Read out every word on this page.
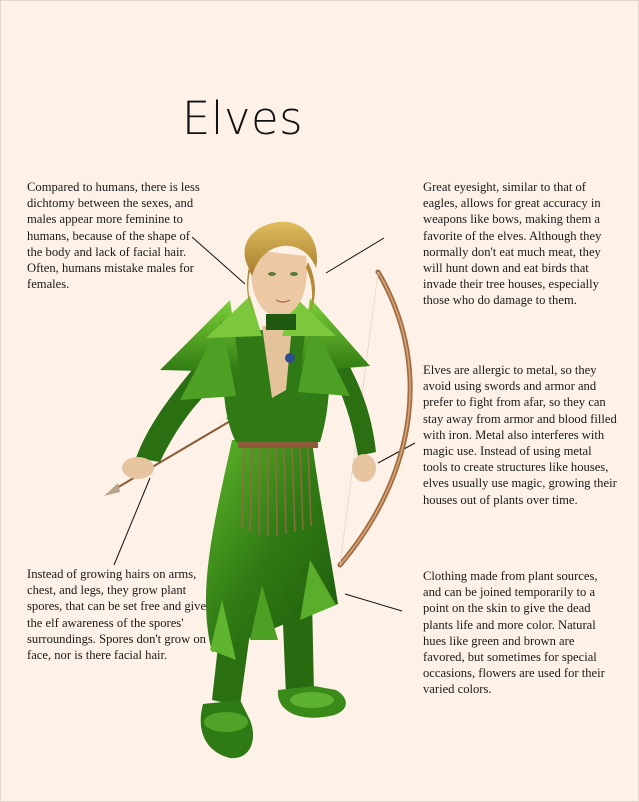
Elves

Compared to humans, there is less dichtomy between the sexes, and males appear more feminine to humans, because of the shape of the body and lack of facial hair. Often, humans mistake males for females.

Great eyesight, similar to that of eagles, allows for great accuracy in weapons like bows, making them a favorite of the elves. Although they normally don't eat much meat, they will hunt down and eat birds that invade their tree houses, especially those who do damage to them.

Elves are allergic to metal, so they avoid using swords and armor and prefer to fight from afar, so they can stay away from armor and blood filled with iron. Metal also interferes with magic use. Instead of using metal tools to create structures like houses, elves usually use magic, growing their houses out of plants over time.

Instead of growing hairs on arms, chest, and legs, they grow plant spores, that can be set free and give the elf awareness of the spores' surroundings. Spores don't grow on face, nor is there facial hair.

Clothing made from plant sources, and can be joined temporarily to a point on the skin to give the dead plants life and more color. Natural hues like green and brown are favored, but sometimes for special occasions, flowers are used for their varied colors.
